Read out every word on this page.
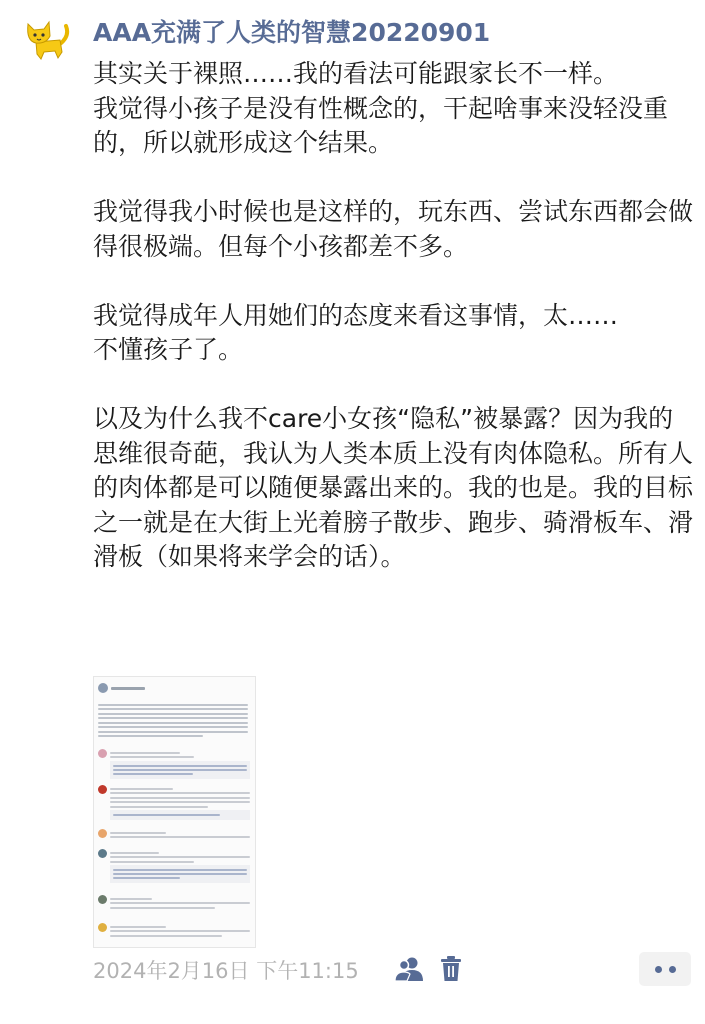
AAA充满了人类的智慧20220901

其实关于裸照……我的看法可能跟家长不一样。
我觉得小孩子是没有性概念的，干起啥事来没轻没重的，所以就形成这个结果。

我觉得我小时候也是这样的，玩东西、尝试东西都会做得很极端。但每个小孩都差不多。

我觉得成年人用她们的态度来看这事情，太……
不懂孩子了。

以及为什么我不care小女孩“隐私”被暴露？因为我的思维很奇葩，我认为人类本质上没有肉体隐私。所有人的肉体都是可以随便暴露出来的。我的也是。我的目标之一就是在大街上光着膀子散步、跑步、骑滑板车、滑滑板（如果将来学会的话）。

2024年2月16日 下午11:15
